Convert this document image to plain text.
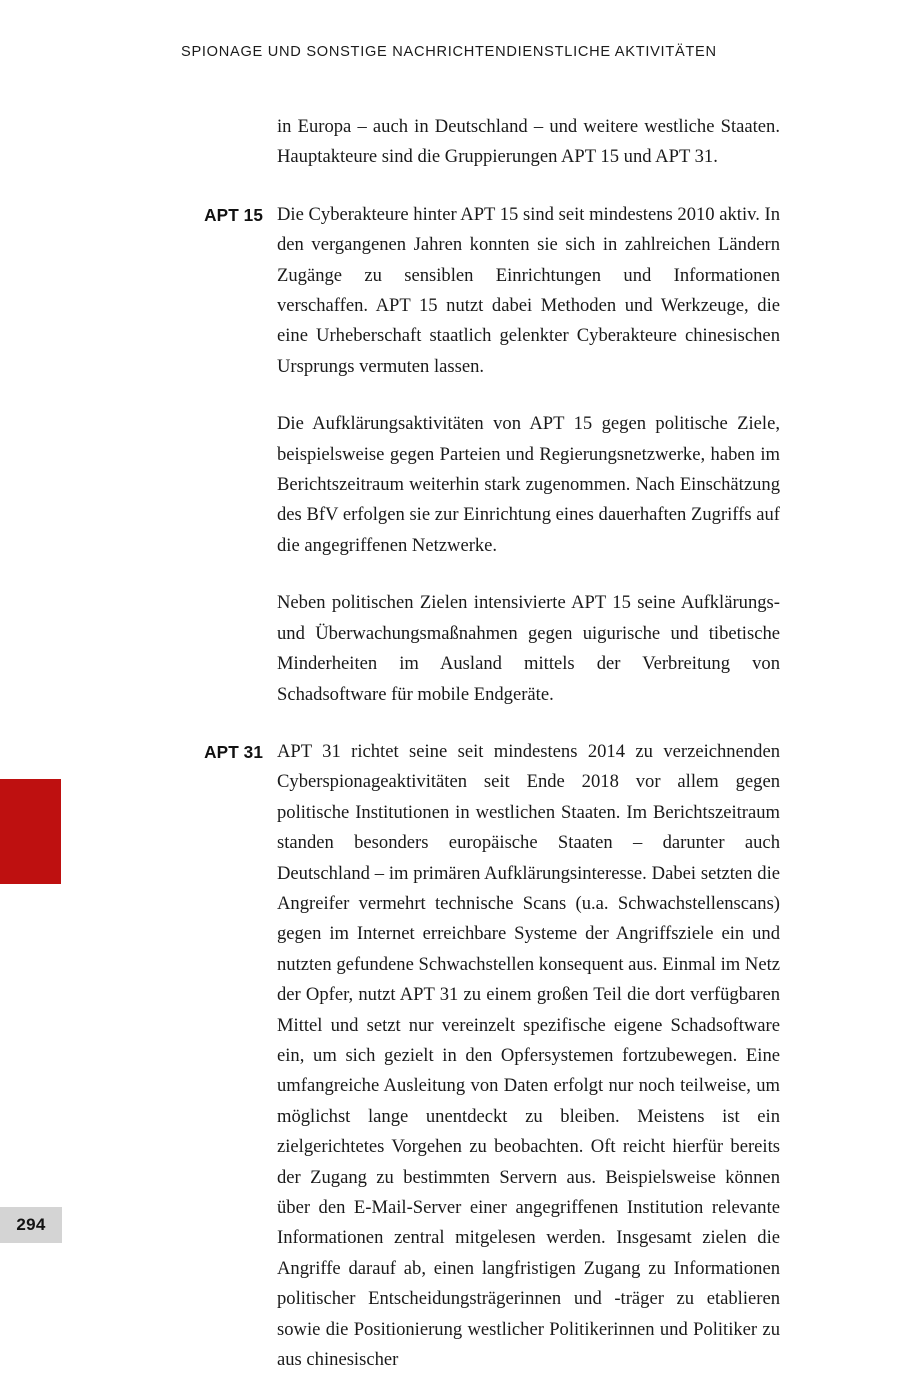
SPIONAGE UND SONSTIGE NACHRICHTENDIENSTLICHE AKTIVITÄTEN

in Europa – auch in Deutschland – und weitere westliche Staaten. Hauptakteure sind die Gruppierungen APT 15 und APT 31.

APT 15 Die Cyberakteure hinter APT 15 sind seit mindestens 2010 aktiv. In den vergangenen Jahren konnten sie sich in zahlreichen Ländern Zugänge zu sensiblen Einrichtungen und Informationen verschaffen. APT 15 nutzt dabei Methoden und Werkzeuge, die eine Urheberschaft staatlich gelenkter Cyberakteure chinesischen Ursprungs vermuten lassen.

Die Aufklärungsaktivitäten von APT 15 gegen politische Ziele, beispielsweise gegen Parteien und Regierungsnetzwerke, haben im Berichtszeitraum weiterhin stark zugenommen. Nach Einschätzung des BfV erfolgen sie zur Einrichtung eines dauerhaften Zugriffs auf die angegriffenen Netzwerke.

Neben politischen Zielen intensivierte APT 15 seine Aufklärungs- und Überwachungsmaßnahmen gegen uigurische und tibetische Minderheiten im Ausland mittels der Verbreitung von Schadsoftware für mobile Endgeräte.

APT 31 APT 31 richtet seine seit mindestens 2014 zu verzeichnenden Cyberspionageaktivitäten seit Ende 2018 vor allem gegen politische Institutionen in westlichen Staaten. Im Berichtszeitraum standen besonders europäische Staaten – darunter auch Deutschland – im primären Aufklärungsinteresse. Dabei setzten die Angreifer vermehrt technische Scans (u.a. Schwachstellenscans) gegen im Internet erreichbare Systeme der Angriffsziele ein und nutzten gefundene Schwachstellen konsequent aus. Einmal im Netz der Opfer, nutzt APT 31 zu einem großen Teil die dort verfügbaren Mittel und setzt nur vereinzelt spezifische eigene Schadsoftware ein, um sich gezielt in den Opfersystemen fortzubewegen. Eine umfangreiche Ausleitung von Daten erfolgt nur noch teilweise, um möglichst lange unentdeckt zu bleiben. Meistens ist ein zielgerichtetes Vorgehen zu beobachten. Oft reicht hierfür bereits der Zugang zu bestimmten Servern aus. Beispielsweise können über den E-Mail-Server einer angegriffenen Institution relevante Informationen zentral mitgelesen werden. Insgesamt zielen die Angriffe darauf ab, einen langfristigen Zugang zu Informationen politischer Entscheidungsträgerinnen und -träger zu etablieren sowie die Positionierung westlicher Politikerinnen und Politiker zu aus chinesischer

294
